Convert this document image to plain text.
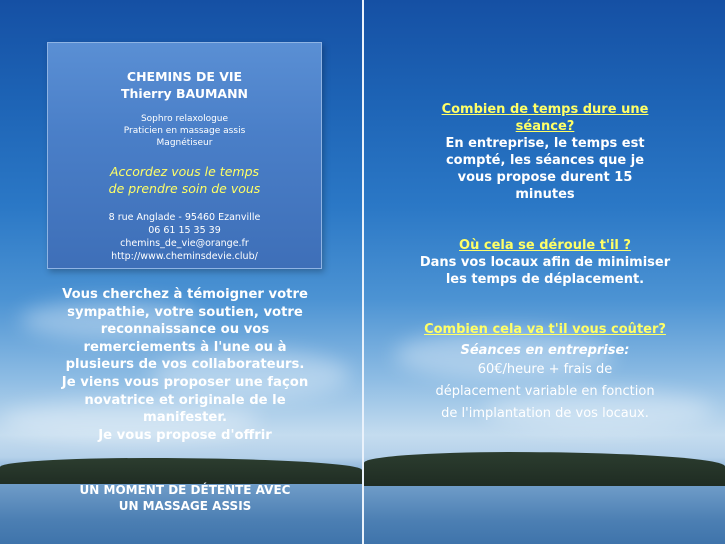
CHEMINS DE VIE
Thierry BAUMANN
Sophro relaxologue
Praticien en massage assis
Magnétiseur
Accordez vous le temps
de prendre soin de vous
8 rue Anglade - 95460 Ezanville
06 61 15 35 39
chemins_de_vie@orange.fr
http://www.cheminsdevie.club/
Vous cherchez à témoigner votre
sympathie, votre soutien, votre
reconnaissance ou vos
remerciements à l'une ou à
plusieurs de vos collaborateurs.
Je viens vous proposer une façon
novatrice et originale de le
manifester.
Je vous propose d'offrir
UN MOMENT DE DÉTENTE AVEC
UN MASSAGE ASSIS
Combien de temps dure une
séance?
En entreprise, le temps est
compté, les séances que je
vous propose durent 15
minutes
Où cela se déroule t'il ?
Dans vos locaux afin de minimiser
les temps de déplacement.
Combien cela va t'il vous coûter?
Séances en entreprise:
60€/heure + frais de
déplacement variable en fonction
de l'implantation de vos locaux.
